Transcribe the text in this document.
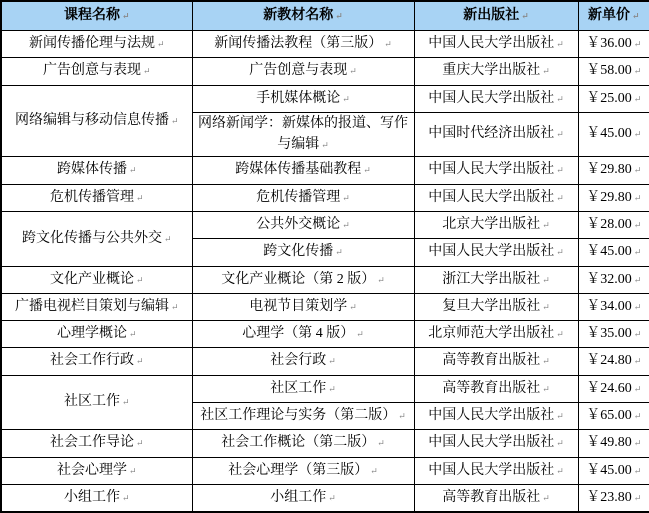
课程名称 ↵	新教材名称 ↵	新出版社 ↵	新单价 ↵
新闻传播伦理与法规 ↵	新闻传播法教程（第三版） ↵	中国人民大学出版社 ↵	￥36.00 ↵
广告创意与表现 ↵	广告创意与表现 ↵	重庆大学出版社 ↵	￥58.00 ↵
网络编辑与移动信息传播 ↵	手机媒体概论 ↵	中国人民大学出版社 ↵	￥25.00 ↵
	网络新闻学：新媒体的报道、写作与编辑 ↵	中国时代经济出版社 ↵	￥45.00 ↵
跨媒体传播 ↵	跨媒体传播基础教程 ↵	中国人民大学出版社 ↵	￥29.80 ↵
危机传播管理 ↵	危机传播管理 ↵	中国人民大学出版社 ↵	￥29.80 ↵
跨文化传播与公共外交 ↵	公共外交概论 ↵	北京大学出版社 ↵	￥28.00 ↵
	跨文化传播 ↵	中国人民大学出版社 ↵	￥45.00 ↵
文化产业概论 ↵	文化产业概论（第 2 版） ↵	浙江大学出版社 ↵	￥32.00 ↵
广播电视栏目策划与编辑 ↵	电视节目策划学 ↵	复旦大学出版社 ↵	￥34.00 ↵
心理学概论 ↵	心理学（第 4 版） ↵	北京师范大学出版社 ↵	￥35.00 ↵
社会工作行政 ↵	社会行政 ↵	高等教育出版社 ↵	￥24.80 ↵
社区工作 ↵	社区工作 ↵	高等教育出版社 ↵	￥24.60 ↵
	社区工作理论与实务（第二版） ↵	中国人民大学出版社 ↵	￥65.00 ↵
社会工作导论 ↵	社会工作概论（第二版） ↵	中国人民大学出版社 ↵	￥49.80 ↵
社会心理学 ↵	社会心理学（第三版） ↵	中国人民大学出版社 ↵	￥45.00 ↵
小组工作 ↵	小组工作 ↵	高等教育出版社 ↵	￥23.80 ↵
